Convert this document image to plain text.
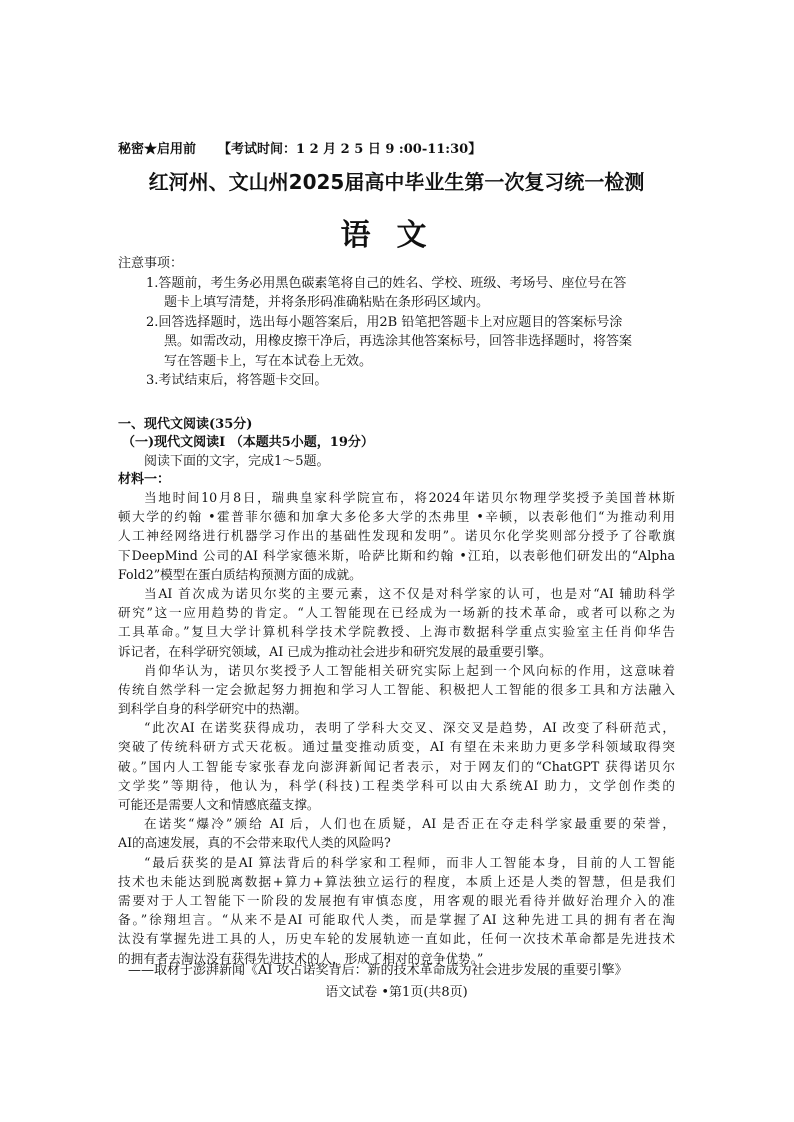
秘密★启用前 【考试时间：1 2 月 2 5 日 9 :00-11:30】
红河州、文山州2025届高中毕业生第一次复习统一检测
语文
注意事项：
1.答题前，考生务必用黑色碳素笔将自己的姓名、学校、班级、考场号、座位号在答
题卡上填写清楚，并将条形码准确粘贴在条形码区域内。
2.回答选择题时，选出每小题答案后，用2B 铅笔把答题卡上对应题目的答案标号涂
黑。如需改动，用橡皮擦干净后，再选涂其他答案标号，回答非选择题时，将答案
写在答题卡上，写在本试卷上无效。
3.考试结束后，将答题卡交回。
一、现代文阅读(35分)
（一)现代文阅读Ⅰ （本题共5小题，19分）
阅读下面的文字，完成1～5题。
材料一：
当地时间10月8日，瑞典皇家科学院宣布，将2024年诺贝尔物理学奖授予美国普林斯
顿大学的约翰 •霍普菲尔德和加拿大多伦多大学的杰弗里 •辛顿，以表彰他们“为推动利用
人工神经网络进行机器学习作出的基础性发现和发明”。诺贝尔化学奖则部分授予了谷歌旗
下DeepMind 公司的AI 科学家德米斯，哈萨比斯和约翰 •江珀，以表彰他们研发出的“Alpha
Fold2”模型在蛋白质结构预测方面的成就。
当AI 首次成为诺贝尔奖的主要元素，这不仅是对科学家的认可，也是对“AI 辅助科学
研究”这一应用趋势的肯定。“人工智能现在已经成为一场新的技术革命，或者可以称之为
工具革命。”复旦大学计算机科学技术学院教授、上海市数据科学重点实验室主任肖仰华告
诉记者，在科学研究领域，AI 已成为推动社会进步和研究发展的最重要引擎。
肖仰华认为，诺贝尔奖授予人工智能相关研究实际上起到一个风向标的作用，这意味着
传统自然学科一定会掀起努力拥抱和学习人工智能、积极把人工智能的很多工具和方法融入
到科学自身的科学研究中的热潮。
“此次AI 在诺奖获得成功，表明了学科大交叉、深交叉是趋势，AI 改变了科研范式，
突破了传统科研方式天花板。通过量变推动质变，AI 有望在未来助力更多学科领域取得突
破。”国内人工智能专家张春龙向澎湃新闻记者表示，对于网友们的“ChatGPT 获得诺贝尔
文学奖”等期待，他认为，科学(科技)工程类学科可以由大系统AI 助力，文学创作类的
可能还是需要人文和情感底蕴支撑。
在诺奖“爆冷”颁给 AI 后，人们也在质疑，AI 是否正在夺走科学家最重要的荣誉，
AI的高速发展，真的不会带来取代人类的风险吗?
“最后获奖的是AI 算法背后的科学家和工程师，而非人工智能本身，目前的人工智能
技术也未能达到脱离数据+算力+算法独立运行的程度，本质上还是人类的智慧，但是我们
需要对于人工智能下一阶段的发展抱有审慎态度，用客观的眼光看待并做好治理介入的准
备。”徐翔坦言。“从来不是AI 可能取代人类，而是掌握了AI 这种先进工具的拥有者在淘
汰没有掌握先进工具的人，历史车轮的发展轨迹一直如此，任何一次技术革命都是先进技术
的拥有者去淘汰没有获得先进技术的人，形成了相对的竞争优势。”
——取材于澎湃新闻《AI 攻占诺奖背后：新的技术革命成为社会进步发展的重要引擎》
语文试卷 •第1页(共8页)
